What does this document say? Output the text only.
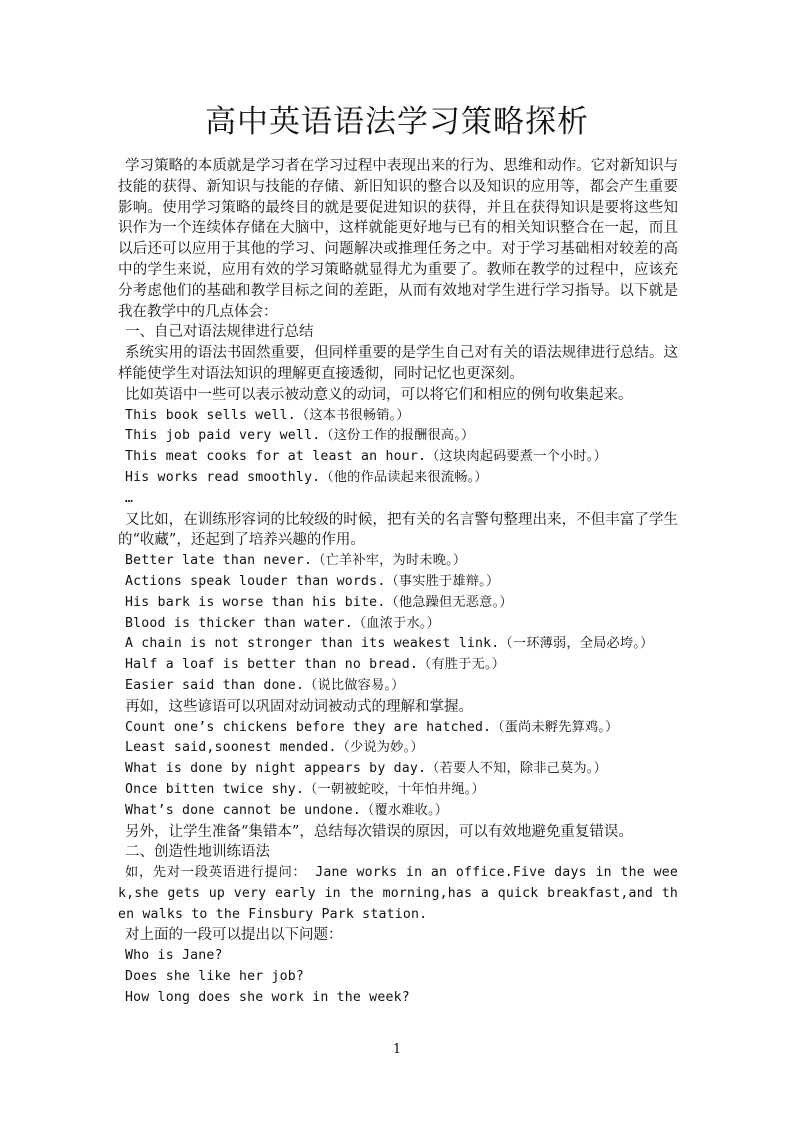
高中英语语法学习策略探析

学习策略的本质就是学习者在学习过程中表现出来的行为、思维和动作。它对新知识与技能的获得、新知识与技能的存储、新旧知识的整合以及知识的应用等，都会产生重要影响。使用学习策略的最终目的就是要促进知识的获得，并且在获得知识是要将这些知识作为一个连续体存储在大脑中，这样就能更好地与已有的相关知识整合在一起，而且以后还可以应用于其他的学习、问题解决或推理任务之中。对于学习基础相对较差的高中的学生来说，应用有效的学习策略就显得尤为重要了。教师在教学的过程中，应该充分考虑他们的基础和教学目标之间的差距，从而有效地对学生进行学习指导。以下就是我在教学中的几点体会：

一、自己对语法规律进行总结

系统实用的语法书固然重要，但同样重要的是学生自己对有关的语法规律进行总结。这样能使学生对语法知识的理解更直接透彻，同时记忆也更深刻。

比如英语中一些可以表示被动意义的动词，可以将它们和相应的例句收集起来。

This book sells well.（这本书很畅销。）

This job paid very well.（这份工作的报酬很高。）

This meat cooks for at least an hour.（这块肉起码要煮一个小时。）

His works read smoothly.（他的作品读起来很流畅。）

…

又比如，在训练形容词的比较级的时候，把有关的名言警句整理出来，不但丰富了学生的“收藏”，还起到了培养兴趣的作用。

Better late than never.（亡羊补牢，为时未晚。）

Actions speak louder than words.（事实胜于雄辩。）

His bark is worse than his bite.（他急躁但无恶意。）

Blood is thicker than water.（血浓于水。）

A chain is not stronger than its weakest link.（一环薄弱，全局必垮。）

Half a loaf is better than no bread.（有胜于无。）

Easier said than done.（说比做容易。）

再如，这些谚语可以巩固对动词被动式的理解和掌握。

Count one’s chickens before they are hatched.（蛋尚未孵先算鸡。）

Least said,soonest mended.（少说为妙。）

What is done by night appears by day.（若要人不知，除非己莫为。）

Once bitten twice shy.（一朝被蛇咬，十年怕井绳。）

What’s done cannot be undone.（覆水难收。）

另外，让学生准备“集错本”，总结每次错误的原因，可以有效地避免重复错误。

二、创造性地训练语法

如，先对一段英语进行提问： Jane works in an office.Five days in the week,she gets up very early in the morning,has a quick breakfast,and then walks to the Finsbury Park station.

对上面的一段可以提出以下问题：

Who is Jane?

Does she like her job?

How long does she work in the week?

1
